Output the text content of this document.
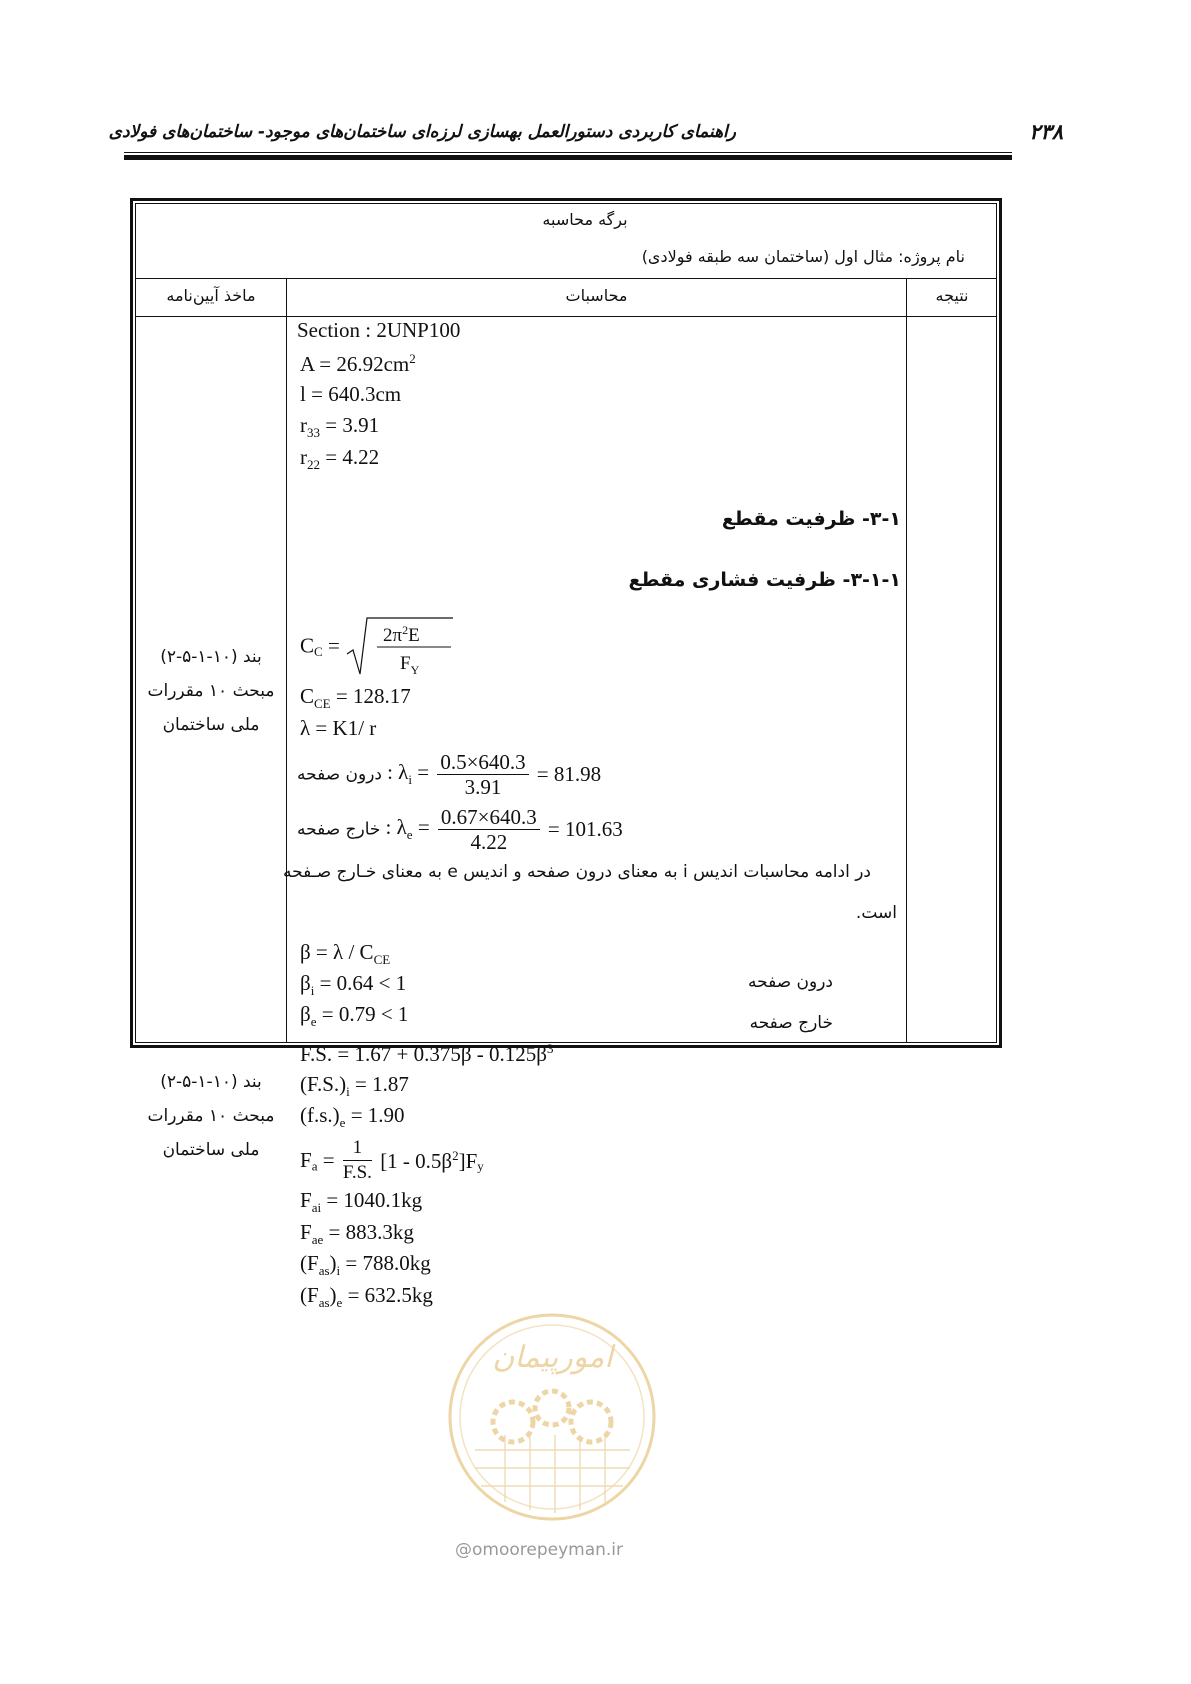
۲۳۸
راهنمای کاربردی دستورالعمل بهسازی لرزه‌ای ساختمان‌های موجود- ساختمان‌های فولادی
برگه محاسبه
نام پروژه: مثال اول (ساختمان سه طبقه فولادی)
ماخذ آیین‌نامه	محاسبات	نتیجه
Section : 2UNP100
$A = 26.92cm^2$
l = 640.3cm
$r_{33} = 3.91$
$r_{22} = 4.22$
۳-۱- ظرفیت مقطع
۳-۱-۱- ظرفیت فشاری مقطع
بند (۱۰-۱-۵-۲)
مبحث ۱۰ مقررات
ملی ساختمان
بند (۱۰-۱-۵-۲)
مبحث ۱۰ مقررات
ملی ساختمان
$C_C = 2\pi^2E$
$F_Y$
$C_{CE} = 128.17$
λ = K1/ r
درون صفحه : $\lambda_i = \frac{0.5\times 640.3}{3.91} = 81.98$
خارج صفحه : $\lambda_e = \frac{0.67\times 640.3}{4.22} = 101.63$
در ادامه محاسبات اندیس i به معنای درون صفحه و اندیس e به معنای خـارج صـفحه
است.
$\beta = \lambda / C_{CE}$
$\beta_i = 0.64 < 1$
$\beta_e = 0.79 < 1$
درون صفحه
خارج صفحه
F.S. = $1.67 + 0.375\beta - 0.125\beta^3$
$(F.S.)_i = 1.87$
$(f.s.)_e = 1.90$
$F_a = \frac{1}{F.S.} [1 - 0.5\beta^2]F_y$
$F_{ai} = 1040.1kg$
$F_{ae} = 883.3kg$
$(F_{as})_i = 788.0kg$
$(F_{as})_e = 632.5kg$
امورپیمان
@omoorepeyman.ir
